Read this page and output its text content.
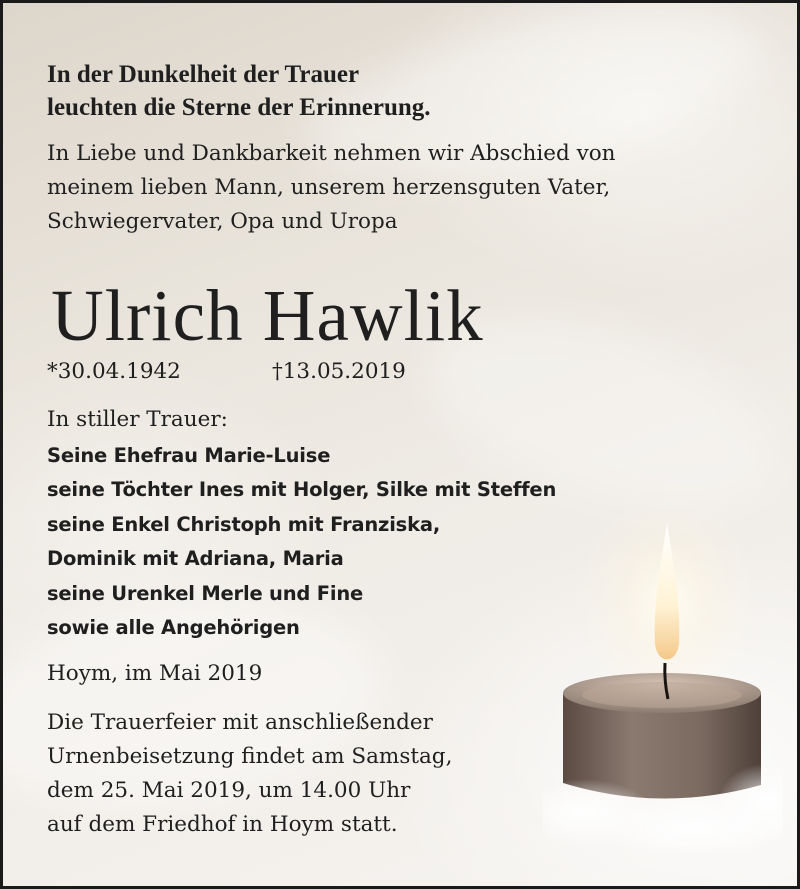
In der Dunkelheit der Trauer
leuchten die Sterne der Erinnerung.
In Liebe und Dankbarkeit nehmen wir Abschied von
meinem lieben Mann, unserem herzensguten Vater,
Schwiegervater, Opa und Uropa
Ulrich Hawlik
*30.04.1942	†13.05.2019
In stiller Trauer:
Seine Ehefrau Marie-Luise
seine Töchter Ines mit Holger, Silke mit Steffen
seine Enkel Christoph mit Franziska,
Dominik mit Adriana, Maria
seine Urenkel Merle und Fine
sowie alle Angehörigen
Hoym, im Mai 2019
Die Trauerfeier mit anschließender
Urnenbeisetzung findet am Samstag,
dem 25. Mai 2019, um 14.00 Uhr
auf dem Friedhof in Hoym statt.
